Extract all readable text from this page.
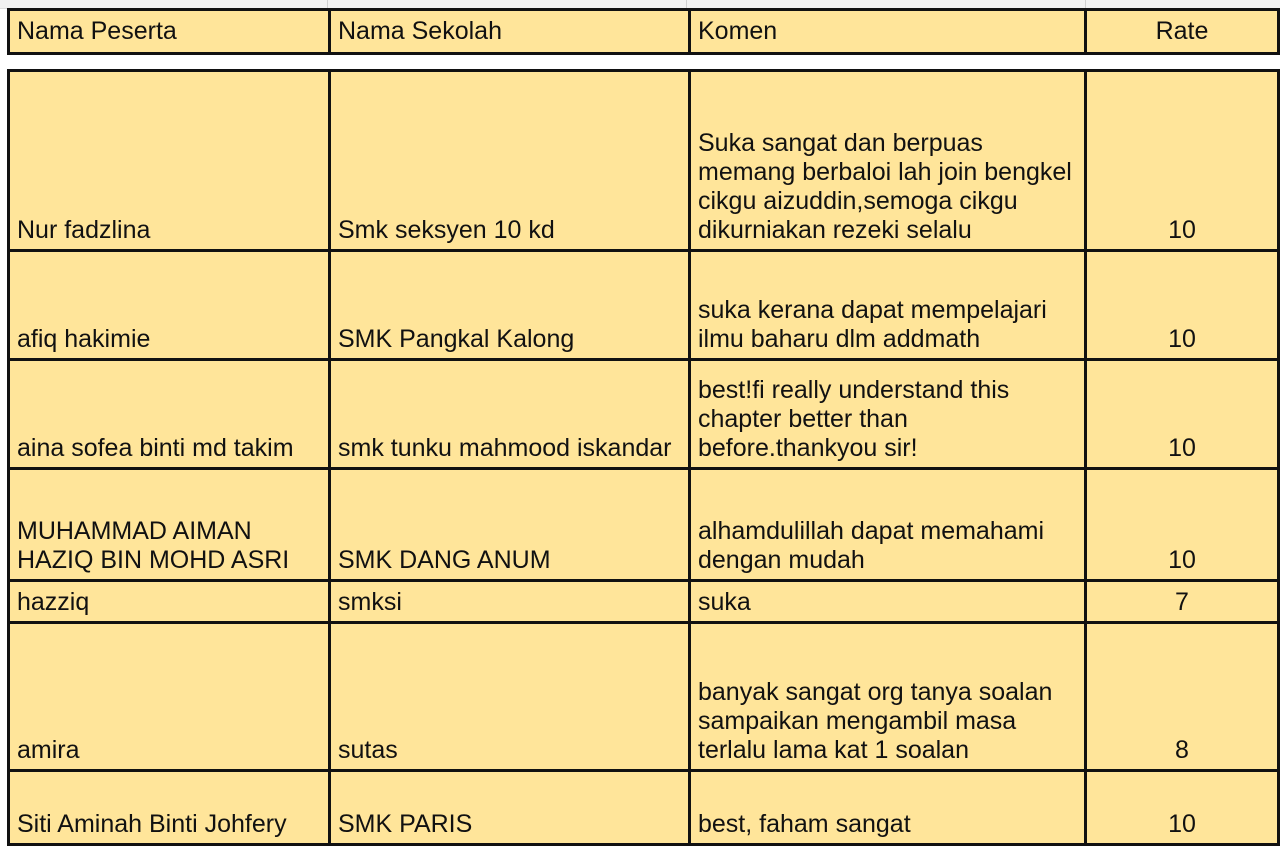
Nama Peserta	Nama Sekolah	Komen	Rate

Nur fadzlina	Smk seksyen 10 kd	Suka sangat dan berpuas memang berbaloi lah join bengkel cikgu aizuddin,semoga cikgu dikurniakan rezeki selalu	10
afiq hakimie	SMK Pangkal Kalong	suka kerana dapat mempelajari ilmu baharu dlm addmath	10
aina sofea binti md takim	smk tunku mahmood iskandar	best!fi really understand this chapter better than before.thankyou sir!	10
MUHAMMAD AIMAN HAZIQ BIN MOHD ASRI	SMK DANG ANUM	alhamdulillah dapat memahami dengan mudah	10
hazziq	smksi	suka	7
amira	sutas	banyak sangat org tanya soalan sampaikan mengambil masa terlalu lama kat 1 soalan	8
Siti Aminah Binti Johfery	SMK PARIS	best, faham sangat	10
